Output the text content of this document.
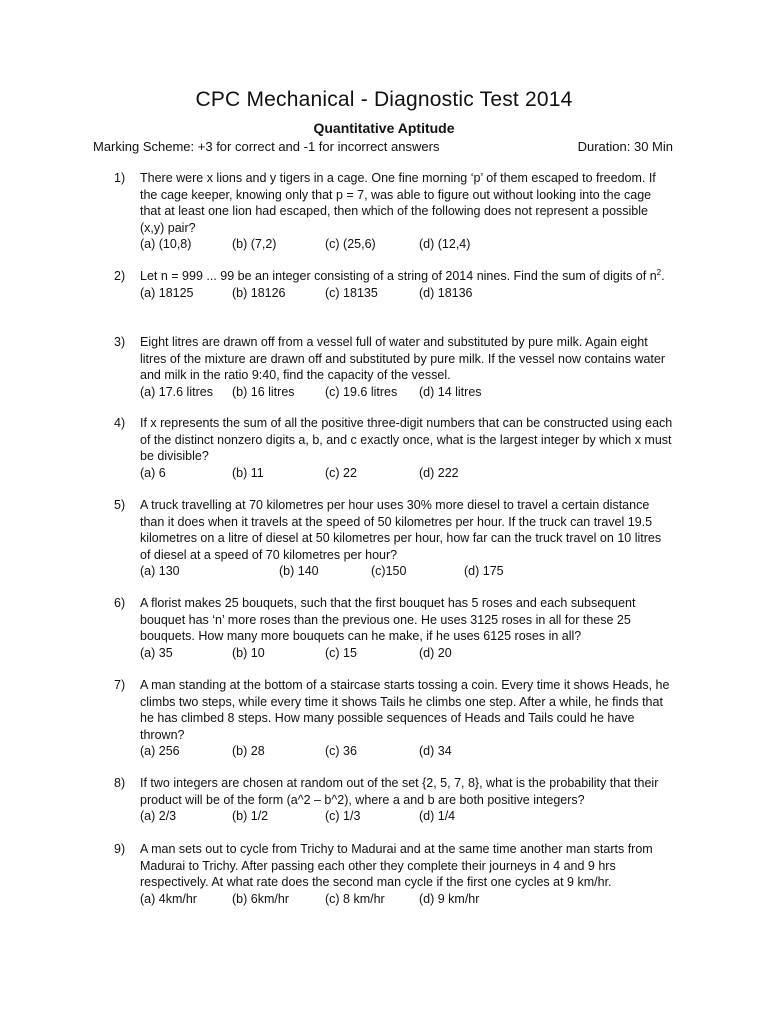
CPC Mechanical - Diagnostic Test 2014
Quantitative Aptitude
Marking Scheme: +3 for correct and -1 for incorrect answers	Duration: 30 Min
1)	There were x lions and y tigers in a cage. One fine morning ‘p’ of them escaped to freedom. If the cage keeper, knowing only that p = 7, was able to figure out without looking into the cage that at least one lion had escaped, then which of the following does not represent a possible (x,y) pair?
(a) (10,8)	(b) (7,2)	(c) (25,6)	(d) (12,4)
2)	Let n = 999 ... 99 be an integer consisting of a string of 2014 nines. Find the sum of digits of $n^2$.
(a) 18125	(b) 18126	(c) 18135	(d) 18136
3)	Eight litres are drawn off from a vessel full of water and substituted by pure milk. Again eight litres of the mixture are drawn off and substituted by pure milk. If the vessel now contains water and milk in the ratio 9:40, find the capacity of the vessel.
(a) 17.6 litres (b) 16 litres (c) 19.6 litres (d) 14 litres
4)	If x represents the sum of all the positive three-digit numbers that can be constructed using each of the distinct nonzero digits a, b, and c exactly once, what is the largest integer by which x must be divisible?
(a) 6	(b) 11	(c) 22	(d) 222
5)	A truck travelling at 70 kilometres per hour uses 30% more diesel to travel a certain distance than it does when it travels at the speed of 50 kilometres per hour. If the truck can travel 19.5 kilometres on a litre of diesel at 50 kilometres per hour, how far can the truck travel on 10 litres of diesel at a speed of 70 kilometres per hour?
(a) 130	(b) 140	(c)150	(d) 175
6)	A florist makes 25 bouquets, such that the first bouquet has 5 roses and each subsequent bouquet has ‘n’ more roses than the previous one. He uses 3125 roses in all for these 25 bouquets. How many more bouquets can he make, if he uses 6125 roses in all?
(a) 35	(b) 10	(c) 15	(d) 20
7)	A man standing at the bottom of a staircase starts tossing a coin. Every time it shows Heads, he climbs two steps, while every time it shows Tails he climbs one step. After a while, he finds that he has climbed 8 steps. How many possible sequences of Heads and Tails could he have thrown?
(a) 256	(b) 28	(c) 36	(d) 34
8)	If two integers are chosen at random out of the set {2, 5, 7, 8}, what is the probability that their product will be of the form (a^2 – b^2), where a and b are both positive integers?
(a) 2/3	(b) 1/2	(c) 1/3	(d) 1/4
9)	A man sets out to cycle from Trichy to Madurai and at the same time another man starts from Madurai to Trichy. After passing each other they complete their journeys in 4 and 9 hrs respectively. At what rate does the second man cycle if the first one cycles at 9 km/hr.
(a) 4km/hr	(b) 6km/hr	(c) 8 km/hr	(d) 9 km/hr
